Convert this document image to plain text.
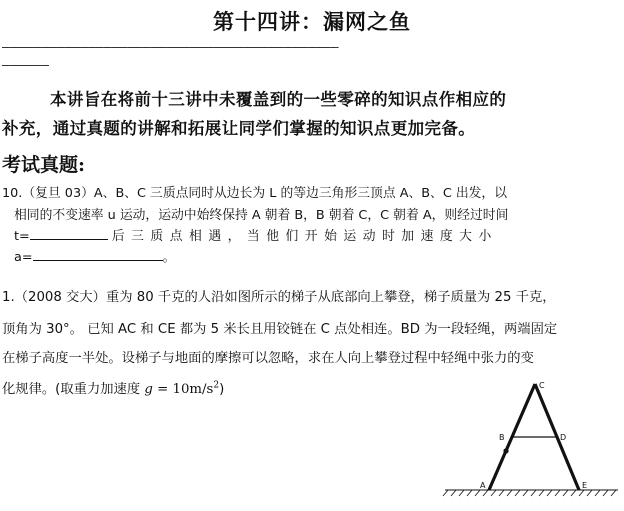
第十四讲：漏网之鱼
———————————————————————————————————————————
——————
本讲旨在将前十三讲中未覆盖到的一些零碎的知识点作相应的
补充，通过真题的讲解和拓展让同学们掌握的知识点更加完备。
考试真题:
10.（复旦 03）A、B、C 三质点同时从边长为 L 的等边三角形三顶点 A、B、C 出发，以
相同的不变速率 u 运动，运动中始终保持 A 朝着 B，B 朝着 C，C 朝着 A，则经过时间
t=	后三质点相遇，当他们开始运动时加速度大小
a=	。
1.（2008 交大）重为 80 千克的人沿如图所示的梯子从底部向上攀登，梯子质量为 25 千克，
顶角为 30°。 已知 AC 和 CE 都为 5 米长且用铰链在 C 点处相连。BD 为一段轻绳，两端固定
在梯子高度一半处。设梯子与地面的摩擦可以忽略，求在人向上攀登过程中轻绳中张力的变
化规律。(取重力加速度 $g = 10m/s^2$)	C
B	D
A	E
